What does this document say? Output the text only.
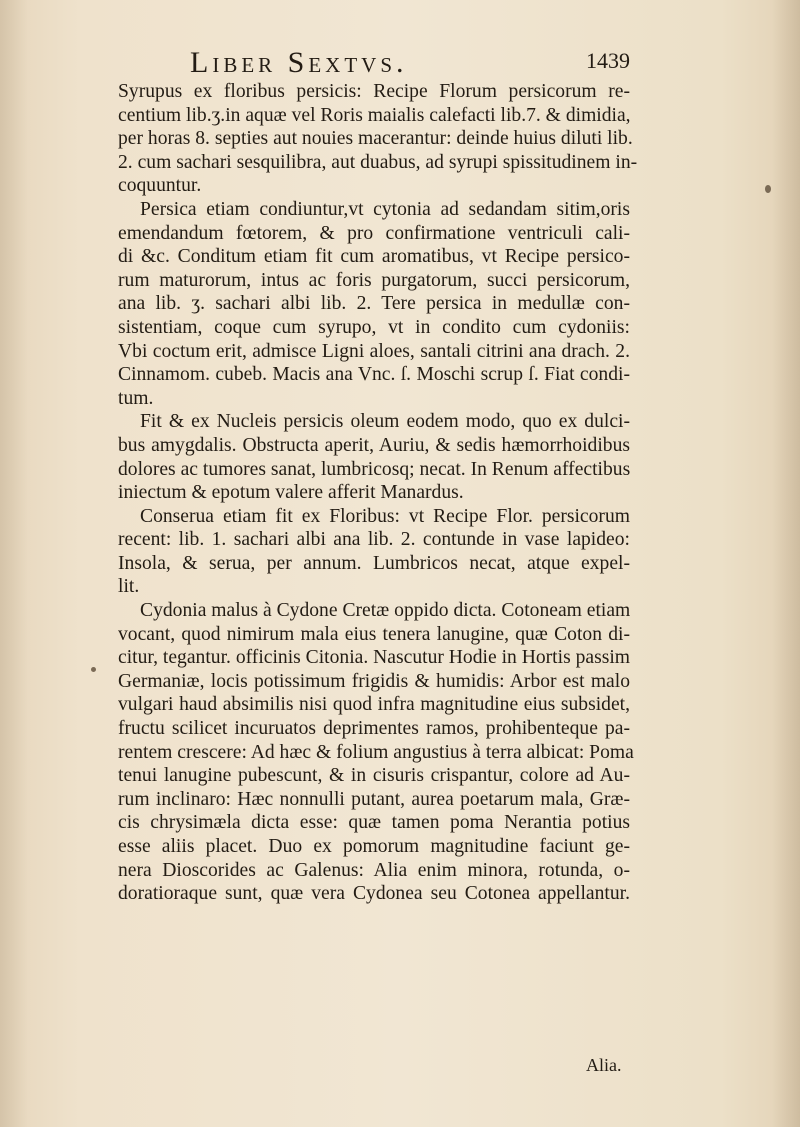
Liber Sextvs.	1439
Syrupus ex floribus persicis: Recipe Florum persicorum re-
centium lib.ʒ.in aquæ vel Roris maialis calefacti lib.7. & dimidia,
per horas 8. septies aut nouies macerantur: deinde huius diluti lib.
2. cum sachari sesquilibra, aut duabus, ad syrupi spissitudinem in-
coquuntur.
Persica etiam condiuntur,vt cytonia ad sedandam sitim,oris
emendandum fœtorem, & pro confirmatione ventriculi cali-
di &c. Conditum etiam fit cum aromatibus, vt Recipe persico-
rum maturorum, intus ac foris purgatorum, succi persicorum,
ana lib. ʒ. sachari albi lib. 2. Tere persica in medullæ con-
sistentiam, coque cum syrupo, vt in condito cum cydoniis:
Vbi coctum erit, admisce Ligni aloes, santali citrini ana drach. 2.
Cinnamom. cubeb. Macis ana Vnc. ſ. Moschi scrup ſ. Fiat condi-
tum.
Fit & ex Nucleis persicis oleum eodem modo, quo ex dulci-
bus amygdalis. Obstructa aperit, Auriu, & sedis hæmorrhoidibus
dolores ac tumores sanat, lumbricosq; necat. In Renum affectibus
iniectum & epotum valere afferit Manardus.
Conserua etiam fit ex Floribus: vt Recipe Flor. persicorum
recent: lib. 1. sachari albi ana lib. 2. contunde in vase lapideo:
Insola, & serua, per annum. Lumbricos necat, atque expel-
lit.
Cydonia malus à Cydone Cretæ oppido dicta. Cotoneam etiam
vocant, quod nimirum mala eius tenera lanugine, quæ Coton di-
citur, tegantur. officinis Citonia. Nascutur Hodie in Hortis passim
Germaniæ, locis potissimum frigidis & humidis: Arbor est malo
vulgari haud absimilis nisi quod infra magnitudine eius subsidet,
fructu scilicet incuruatos deprimentes ramos, prohibenteque pa-
rentem crescere: Ad hæc & folium angustius à terra albicat: Poma
tenui lanugine pubescunt, & in cisuris crispantur, colore ad Au-
rum inclinaro: Hæc nonnulli putant, aurea poetarum mala, Græ-
cis chrysimæla dicta esse: quæ tamen poma Nerantia potius
esse aliis placet. Duo ex pomorum magnitudine faciunt ge-
nera Dioscorides ac Galenus: Alia enim minora, rotunda, o-
doratioraque sunt, quæ vera Cydonea seu Cotonea appellantur.
Alia.
